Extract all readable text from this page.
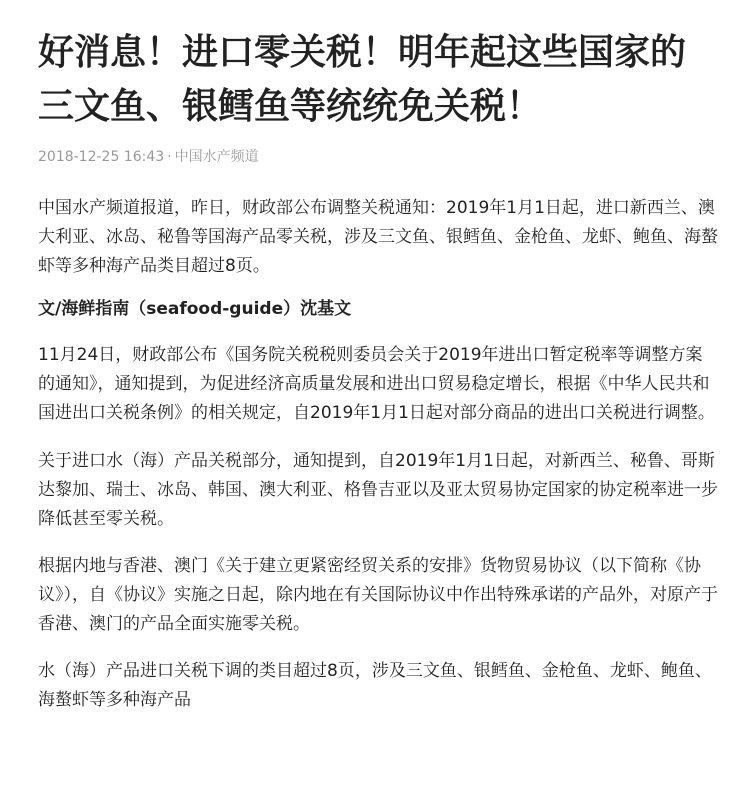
好消息！进口零关税！明年起这些国家的三文鱼、银鳕鱼等统统免关税！
2018-12-25 16:43 · 中国水产频道

中国水产频道报道，昨日，财政部公布调整关税通知：2019年1月1日起，进口新西兰、澳大利亚、冰岛、秘鲁等国海产品零关税，涉及三文鱼、银鳕鱼、金枪鱼、龙虾、鲍鱼、海螯虾等多种海产品类目超过8页。

文/海鲜指南（seafood-guide）沈基文

11月24日，财政部公布《国务院关税税则委员会关于2019年进出口暂定税率等调整方案的通知》，通知提到，为促进经济高质量发展和进出口贸易稳定增长，根据《中华人民共和国进出口关税条例》的相关规定，自2019年1月1日起对部分商品的进出口关税进行调整。

关于进口水（海）产品关税部分，通知提到，自2019年1月1日起，对新西兰、秘鲁、哥斯达黎加、瑞士、冰岛、韩国、澳大利亚、格鲁吉亚以及亚太贸易协定国家的协定税率进一步降低甚至零关税。

根据内地与香港、澳门《关于建立更紧密经贸关系的安排》货物贸易协议（以下简称《协议》），自《协议》实施之日起，除内地在有关国际协议中作出特殊承诺的产品外，对原产于香港、澳门的产品全面实施零关税。

水（海）产品进口关税下调的类目超过8页，涉及三文鱼、银鳕鱼、金枪鱼、龙虾、鲍鱼、海螯虾等多种海产品
